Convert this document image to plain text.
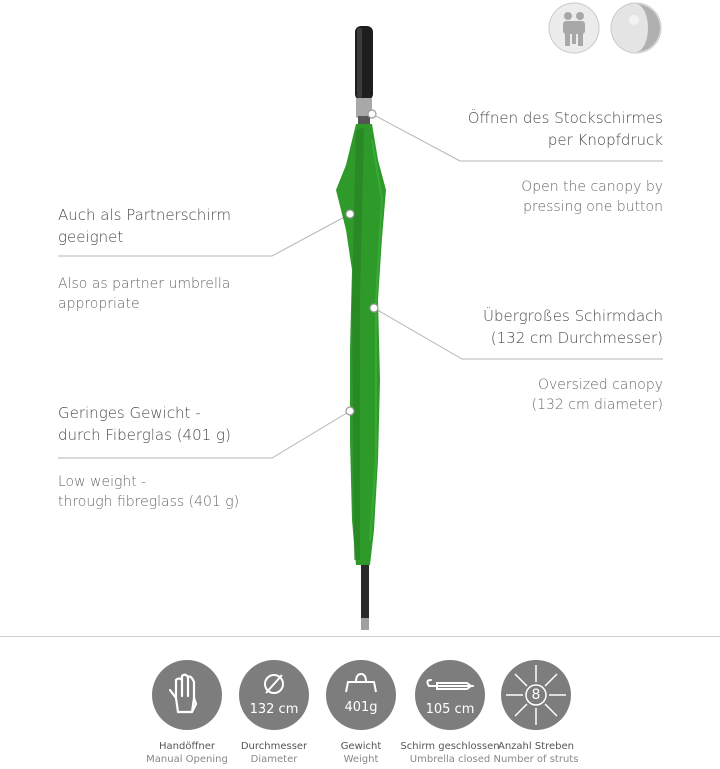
Öffnen des Stockschirmes
per Knopfdruck
Open the canopy by
pressing one button
Auch als Partnerschirm
geeignet
Also as partner umbrella
appropriate
Übergroßes Schirmdach
(132 cm Durchmesser)
Oversized canopy
(132 cm diameter)
Geringes Gewicht -
durch Fiberglas (401 g)
Low weight -
through fibreglass (401 g)
Handöffner
Manual Opening
132 cm
Durchmesser
Diameter
401g
Gewicht
Weight
105 cm
Schirm geschlossen
Umbrella closed
8
Anzahl Streben
Number of struts
